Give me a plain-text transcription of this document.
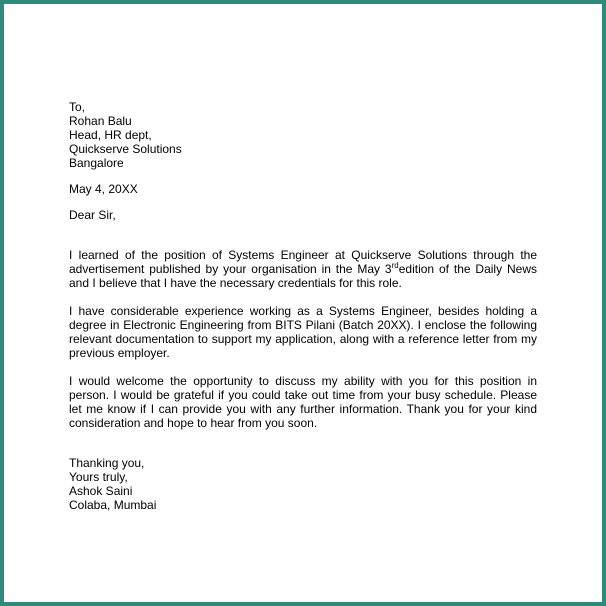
To,
Rohan Balu
Head, HR dept,
Quickserve Solutions
Bangalore
May 4, 20XX
Dear Sir,

I learned of the position of Systems Engineer at Quickserve Solutions through the advertisement published by your organisation in the May 3rdedition of the Daily News and I believe that I have the necessary credentials for this role.

I have considerable experience working as a Systems Engineer, besides holding a degree in Electronic Engineering from BITS Pilani (Batch 20XX). I enclose the following relevant documentation to support my application, along with a reference letter from my previous employer.

I would welcome the opportunity to discuss my ability with you for this position in person. I would be grateful if you could take out time from your busy schedule. Please let me know if I can provide you with any further information. Thank you for your kind consideration and hope to hear from you soon.

Thanking you,
Yours truly,
Ashok Saini
Colaba, Mumbai
